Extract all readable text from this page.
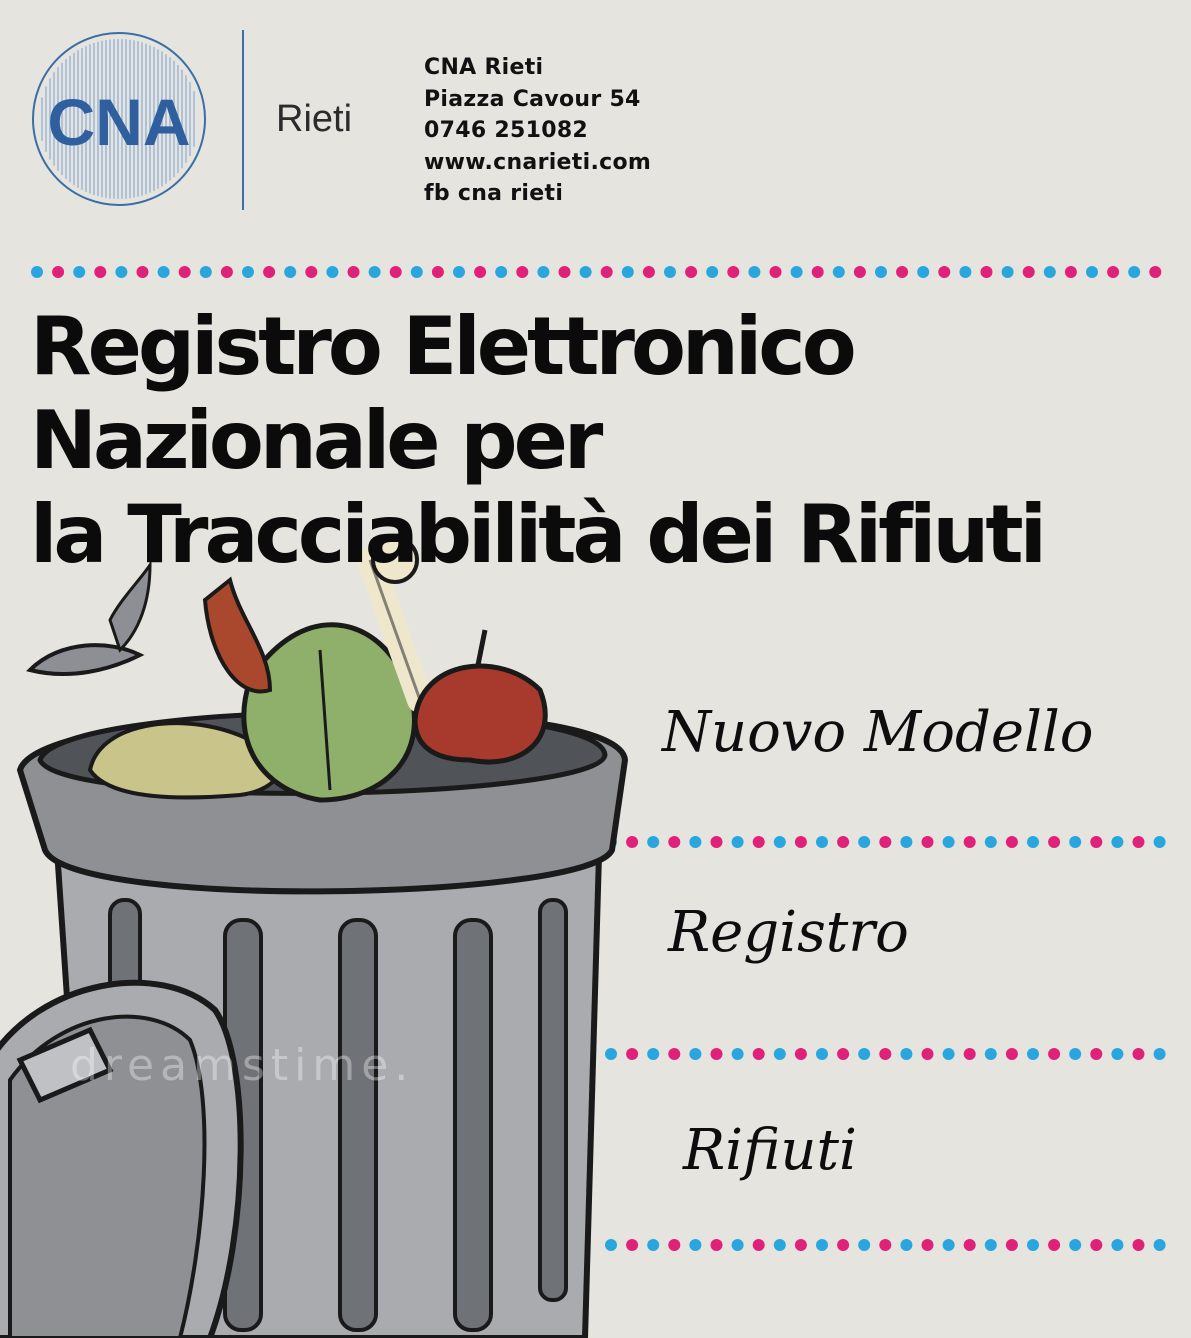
CNA Rieti
CNA Rieti
Piazza Cavour 54
0746 251082
www.cnarieti.com
fb cna rieti
Registro Elettronico
Nazionale per
la Tracciabilità dei Rifiuti
dreamstime.
Nuovo Modello
Registro
Rifiuti
